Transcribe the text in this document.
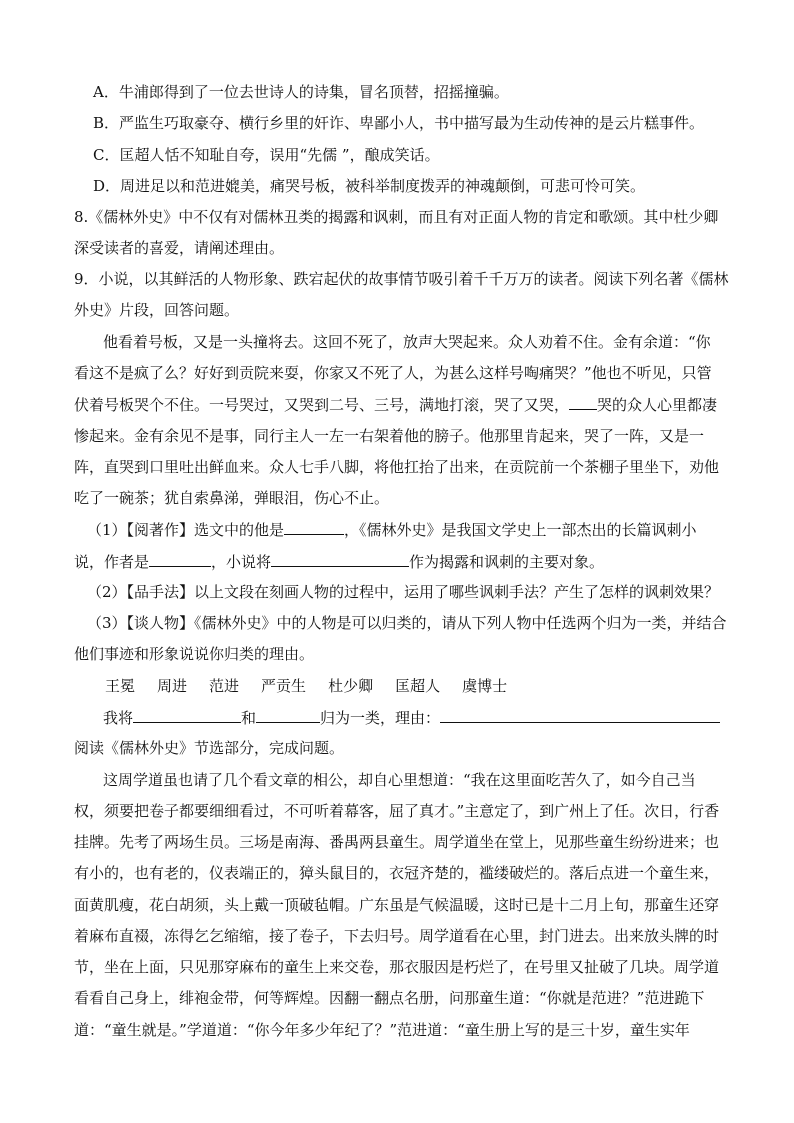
A．牛浦郎得到了一位去世诗人的诗集，冒名顶替，招摇撞骗。
B．严监生巧取豪夺、横行乡里的奸诈、卑鄙小人，书中描写最为生动传神的是云片糕事件。
C．匡超人恬不知耻自夸，误用“先儒 ”，酿成笑话。
D．周进足以和范进媲美，痛哭号板，被科举制度拨弄的神魂颠倒，可悲可怜可笑。
8.《儒林外史》中不仅有对儒林丑类的揭露和讽刺，而且有对正面人物的肯定和歌颂。其中杜少卿
深受读者的喜爱，请阐述理由。
9．小说，以其鲜活的人物形象、跌宕起伏的故事情节吸引着千千万万的读者。阅读下列名著《儒林
外史》片段，回答问题。
他看着号板，又是一头撞将去。这回不死了，放声大哭起来。众人劝着不住。金有余道：“你
看这不是疯了么？好好到贡院来耍，你家又不死了人，为甚么这样号啕痛哭？”他也不听见，只管
伏着号板哭个不住。一号哭过，又哭到二号、三号，满地打滚，哭了又哭， 哭的众人心里都凄
惨起来。金有余见不是事，同行主人一左一右架着他的膀子。他那里肯起来，哭了一阵，又是一
阵，直哭到口里吐出鲜血来。众人七手八脚，将他扛抬了出来，在贡院前一个茶棚子里坐下，劝他
吃了一碗茶；犹自索鼻涕，弹眼泪，伤心不止。
（1）【阅著作】选文中的他是	，《儒林外史》是我国文学史上一部杰出的长篇讽刺小
说，作者是	，小说将	作为揭露和讽刺的主要对象。
（2）【品手法】以上文段在刻画人物的过程中，运用了哪些讽刺手法？产生了怎样的讽刺效果？
（3）【谈人物】《儒林外史》中的人物是可以归类的，请从下列人物中任选两个归为一类，并结合
他们事迹和形象说说你归类的理由。
王冕 周进 范进 严贡生 杜少卿 匡超人 虞博士
我将	和	归为一类，理由：
阅读《儒林外史》节选部分，完成问题。
这周学道虽也请了几个看文章的相公，却自心里想道：“我在这里面吃苦久了，如今自己当
权，须要把卷子都要细细看过，不可听着幕客，屈了真才。”主意定了，到广州上了任。次日，行香
挂牌。先考了两场生员。三场是南海、番禺两县童生。周学道坐在堂上，见那些童生纷纷进来；也
有小的，也有老的，仪表端正的，獐头鼠目的，衣冠齐楚的，褴缕破烂的。落后点进一个童生来，
面黄肌瘦，花白胡须，头上戴一顶破毡帽。广东虽是气候温暖，这时已是十二月上旬，那童生还穿
着麻布直裰，冻得乞乞缩缩，接了卷子，下去归号。周学道看在心里，封门进去。出来放头牌的时
节，坐在上面，只见那穿麻布的童生上来交卷，那衣服因是朽烂了，在号里又扯破了几块。周学道
看看自己身上，绯袍金带，何等辉煌。因翻一翻点名册，问那童生道：“你就是范进？”范进跪下
道：“童生就是。”学道道：“你今年多少年纪了？”范进道：“童生册上写的是三十岁，童生实年
